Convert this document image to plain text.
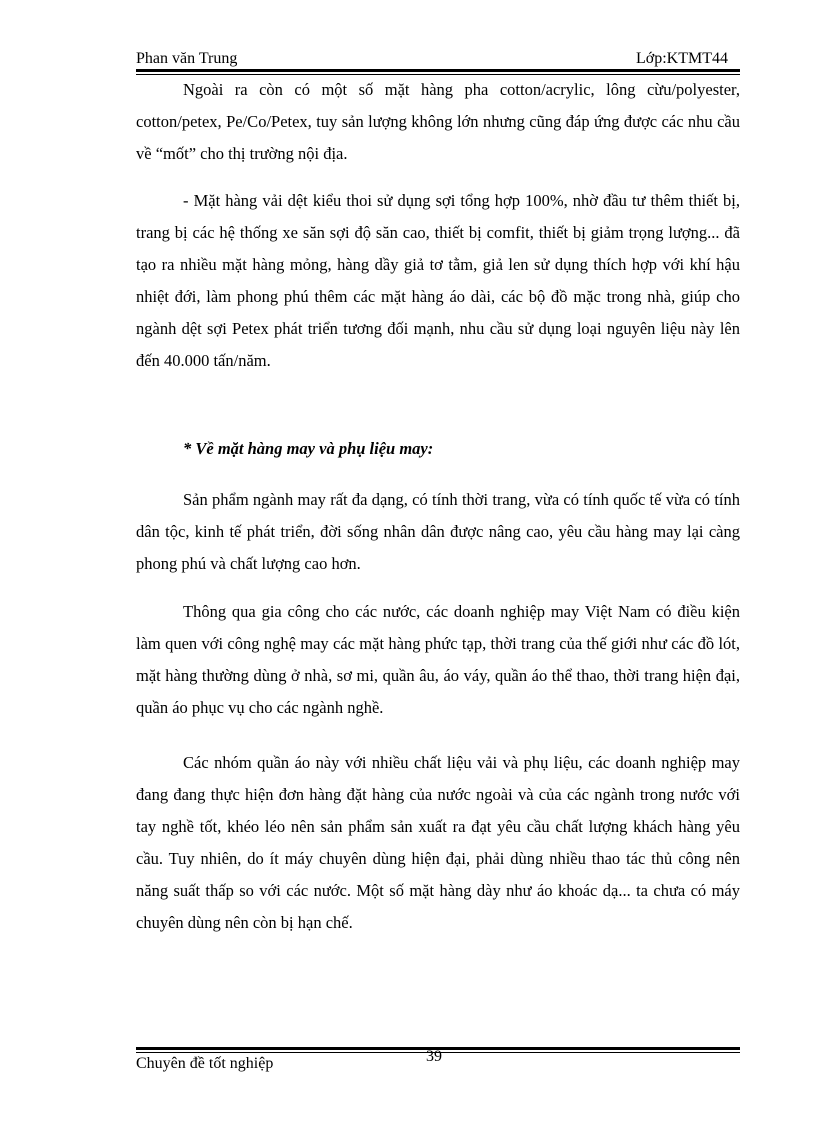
Phan văn Trung	Lớp:KTMT44

Ngoài ra còn có một số mặt hàng pha cotton/acrylic, lông cừu/polyester, cotton/petex, Pe/Co/Petex, tuy sản lượng không lớn nhưng cũng đáp ứng được các nhu cầu về “mốt” cho thị trường nội địa.

- Mặt hàng vải dệt kiểu thoi sử dụng sợi tổng hợp 100%, nhờ đầu tư thêm thiết bị, trang bị các hệ thống xe săn sợi độ săn cao, thiết bị comfit, thiết bị giảm trọng lượng... đã tạo ra nhiều mặt hàng mỏng, hàng dầy giả tơ tằm, giả len sử dụng thích hợp với khí hậu nhiệt đới, làm phong phú thêm các mặt hàng áo dài, các bộ đồ mặc trong nhà, giúp cho ngành dệt sợi Petex phát triển tương đối mạnh, nhu cầu sử dụng loại nguyên liệu này lên đến 40.000 tấn/năm.

* Về mặt hàng may và phụ liệu may:

Sản phẩm ngành may rất đa dạng, có tính thời trang, vừa có tính quốc tế vừa có tính dân tộc, kinh tế phát triển, đời sống nhân dân được nâng cao, yêu cầu hàng may lại càng phong phú và chất lượng cao hơn.

Thông qua gia công cho các nước, các doanh nghiệp may Việt Nam có điều kiện làm quen với công nghệ may các mặt hàng phức tạp, thời trang của thế giới như các đồ lót, mặt hàng thường dùng ở nhà, sơ mi, quần âu, áo váy, quần áo thể thao, thời trang hiện đại, quần áo phục vụ cho các ngành nghề.

Các nhóm quần áo này với nhiều chất liệu vải và phụ liệu, các doanh nghiệp may đang đang thực hiện đơn hàng đặt hàng của nước ngoài và của các ngành trong nước với tay nghề tốt, khéo léo nên sản phẩm sản xuất ra đạt yêu cầu chất lượng khách hàng yêu cầu. Tuy nhiên, do ít máy chuyên dùng hiện đại, phải dùng nhiều thao tác thủ công nên năng suất thấp so với các nước. Một số mặt hàng dày như áo khoác dạ... ta chưa có máy chuyên dùng nên còn bị hạn chế.

39
Chuyên đề tốt nghiệp
